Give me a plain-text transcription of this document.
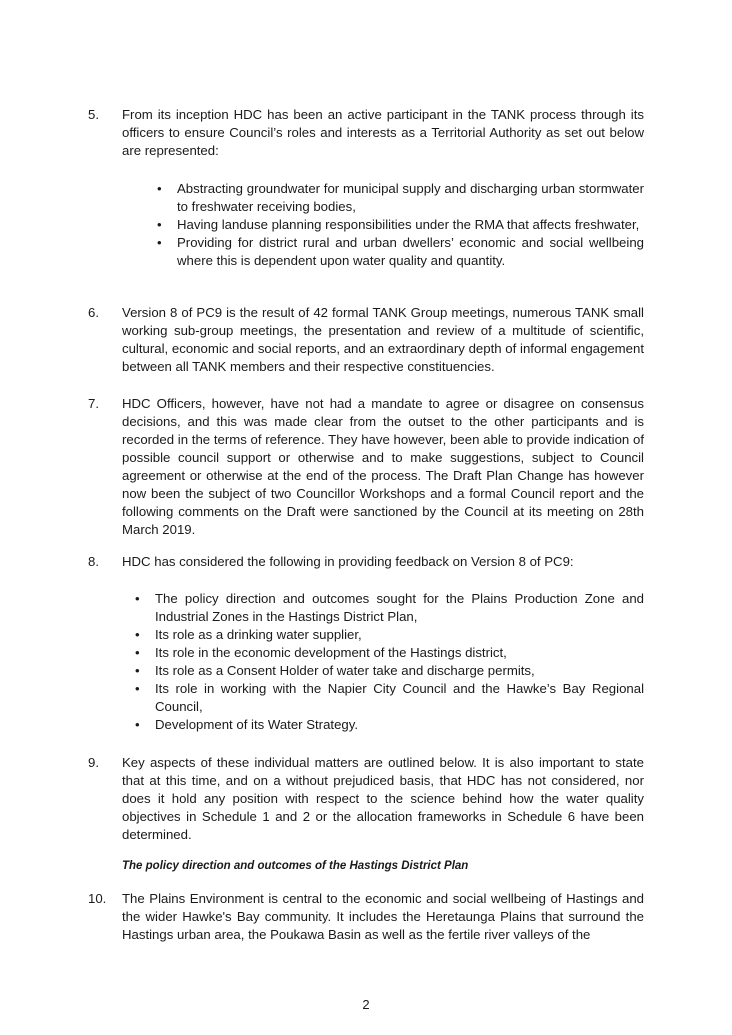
5.	From its inception HDC has been an active participant in the TANK process through its officers to ensure Council’s roles and interests as a Territorial Authority as set out below are represented:
• Abstracting groundwater for municipal supply and discharging urban stormwater to freshwater receiving bodies,
• Having landuse planning responsibilities under the RMA that affects freshwater,
• Providing for district rural and urban dwellers’ economic and social wellbeing where this is dependent upon water quality and quantity.
6.	Version 8 of PC9 is the result of 42 formal TANK Group meetings, numerous TANK small working sub-group meetings, the presentation and review of a multitude of scientific, cultural, economic and social reports, and an extraordinary depth of informal engagement between all TANK members and their respective constituencies.
7.	HDC Officers, however, have not had a mandate to agree or disagree on consensus decisions, and this was made clear from the outset to the other participants and is recorded in the terms of reference. They have however, been able to provide indication of possible council support or otherwise and to make suggestions, subject to Council agreement or otherwise at the end of the process. The Draft Plan Change has however now been the subject of two Councillor Workshops and a formal Council report and the following comments on the Draft were sanctioned by the Council at its meeting on 28th March 2019.
8.	HDC has considered the following in providing feedback on Version 8 of PC9:
• The policy direction and outcomes sought for the Plains Production Zone and Industrial Zones in the Hastings District Plan,
• Its role as a drinking water supplier,
• Its role in the economic development of the Hastings district,
• Its role as a Consent Holder of water take and discharge permits,
• Its role in working with the Napier City Council and the Hawke’s Bay Regional Council,
• Development of its Water Strategy.
9.	Key aspects of these individual matters are outlined below. It is also important to state that at this time, and on a without prejudiced basis, that HDC has not considered, nor does it hold any position with respect to the science behind how the water quality objectives in Schedule 1 and 2 or the allocation frameworks in Schedule 6 have been determined.
The policy direction and outcomes of the Hastings District Plan
10.	The Plains Environment is central to the economic and social wellbeing of Hastings and the wider Hawke's Bay community. It includes the Heretaunga Plains that surround the Hastings urban area, the Poukawa Basin as well as the fertile river valleys of the
2
